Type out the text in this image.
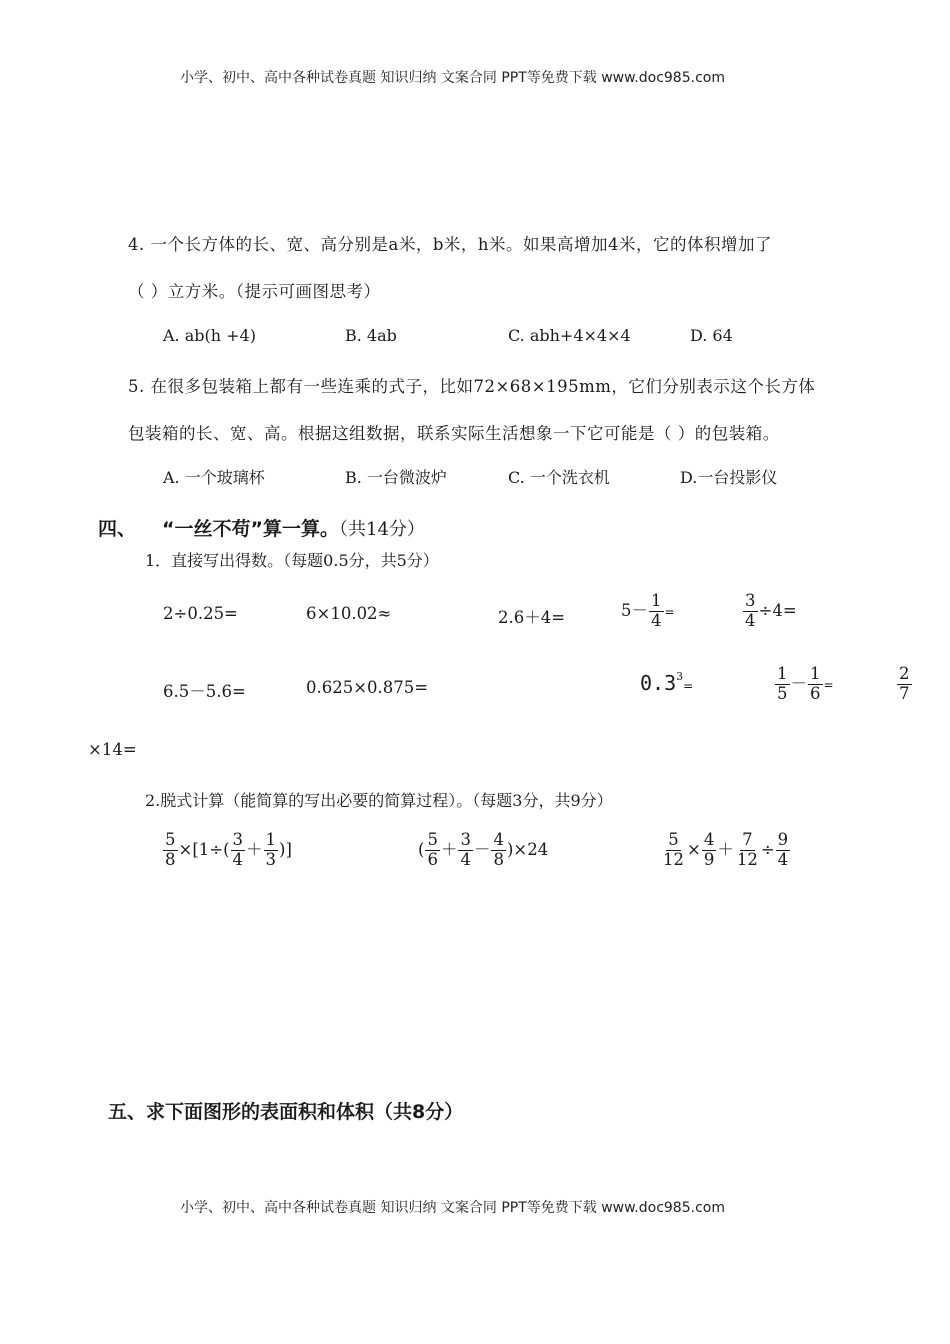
小学、初中、高中各种试卷真题 知识归纳 文案合同 PPT等免费下载 www.doc985.com
4. 一个长方体的长、宽、高分别是a米，b米，h米。如果高增加4米，它的体积增加了
（ ）立方米。（提示可画图思考）
A. ab(h +4)	B. 4ab	C. abh+4×4×4	D. 64
5. 在很多包装箱上都有一些连乘的式子，比如72×68×195mm，它们分别表示这个长方体
包装箱的长、宽、高。根据这组数据，联系实际生活想象一下它可能是（ ）的包装箱。
A. 一个玻璃杯	B. 一台微波炉	C. 一个洗衣机	D.一台投影仪
四、 “一丝不苟”算一算。（共14分）
1．直接写出得数。（每题0.5分，共5分）
2÷0.25=	6×10.02≈	2.6＋4=	$5- \frac{1}{4}$ =	$\frac{3}{4} \div 4=$
6.5－5.6=	0.625×0.875=	$0.3^3=$	$\frac{1}{5} - \frac{1}{6}$ =	$\frac{2}{7}$
×14=
2.脱式计算（能简算的写出必要的简算过程）。（每题3分，共9分）
$\frac{5}{8} \times[1\div( \frac{3}{4} + \frac{1}{3}$ )]	( $\frac{5}{6} + \frac{3}{4} - \frac{4}{8} )\times 24$	$\frac{5}{12} \times \frac{4}{9} + \frac{7}{12} \div \frac{9}{4}$
五、求下面图形的表面积和体积（共8分）
小学、初中、高中各种试卷真题 知识归纳 文案合同 PPT等免费下载 www.doc985.com
